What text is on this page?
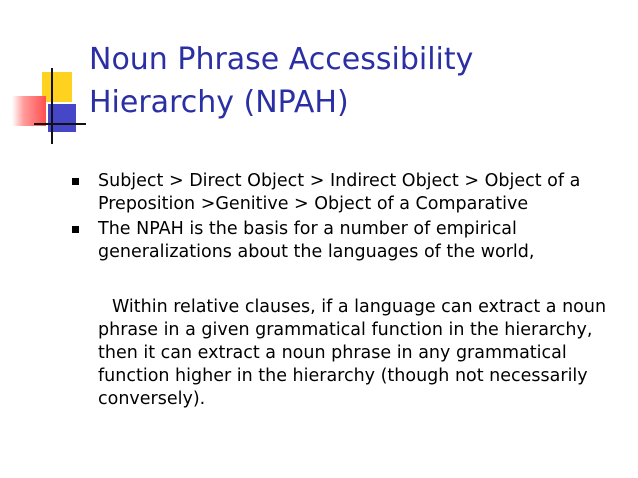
Noun Phrase Accessibility
Hierarchy (NPAH)
Subject > Direct Object > Indirect Object > Object of a Preposition >Genitive > Object of a Comparative
The NPAH is the basis for a number of empirical generalizations about the languages of the world,

Within relative clauses, if a language can extract a noun phrase in a given grammatical function in the hierarchy, then it can extract a noun phrase in any grammatical function higher in the hierarchy (though not necessarily conversely).
